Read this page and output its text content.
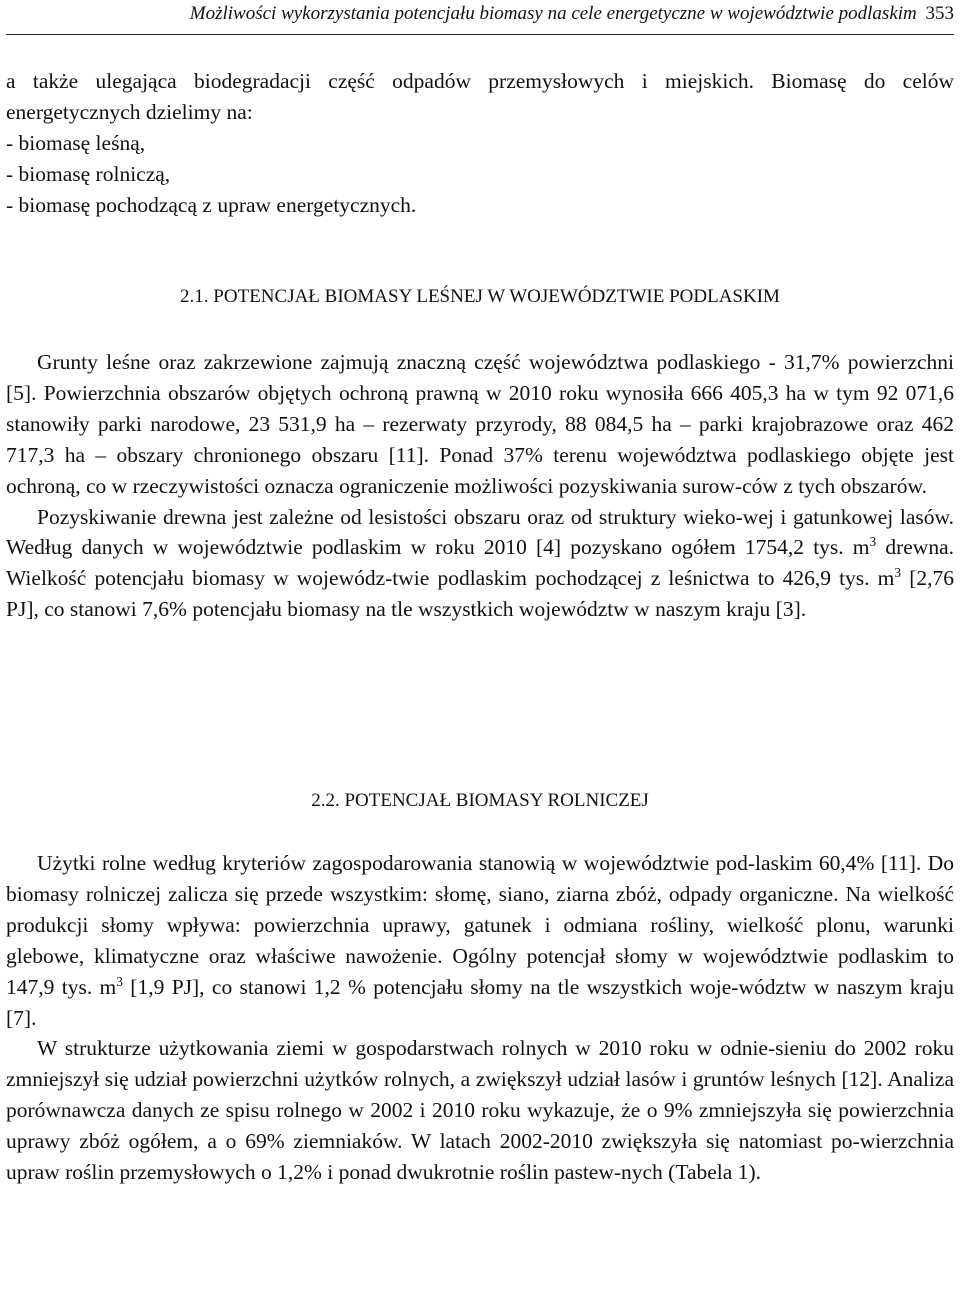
Możliwości wykorzystania potencjału biomasy na cele energetyczne w województwie podlaskim 353

a także ulegająca biodegradacji część odpadów przemysłowych i miejskich. Biomasę do celów energetycznych dzielimy na:

- biomasę leśną,

- biomasę rolniczą,

- biomasę pochodzącą z upraw energetycznych.

2.1. POTENCJAŁ BIOMASY LEŚNEJ W WOJEWÓDZTWIE PODLASKIM

Grunty leśne oraz zakrzewione zajmują znaczną część województwa podlaskiego - 31,7% powierzchni [5]. Powierzchnia obszarów objętych ochroną prawną w 2010 roku wynosiła 666 405,3 ha w tym 92 071,6 stanowiły parki narodowe, 23 531,9 ha – rezerwaty przyrody, 88 084,5 ha – parki krajobrazowe oraz 462 717,3 ha – obszary chronionego obszaru [11]. Ponad 37% terenu województwa podlaskiego objęte jest ochroną, co w rzeczywistości oznacza ograniczenie możliwości pozyskiwania surow-ców z tych obszarów.

Pozyskiwanie drewna jest zależne od lesistości obszaru oraz od struktury wieko-wej i gatunkowej lasów. Według danych w województwie podlaskim w roku 2010 [4] pozyskano ogółem 1754,2 tys. $m^3$ drewna. Wielkość potencjału biomasy w wojewódz-twie podlaskim pochodzącej z leśnictwa to 426,9 tys. $m^3$ [2,76 PJ], co stanowi 7,6% potencjału biomasy na tle wszystkich województw w naszym kraju [3].

2.2. POTENCJAŁ BIOMASY ROLNICZEJ

Użytki rolne według kryteriów zagospodarowania stanowią w województwie pod-laskim 60,4% [11]. Do biomasy rolniczej zalicza się przede wszystkim: słomę, siano, ziarna zbóż, odpady organiczne. Na wielkość produkcji słomy wpływa: powierzchnia uprawy, gatunek i odmiana rośliny, wielkość plonu, warunki glebowe, klimatyczne oraz właściwe nawożenie. Ogólny potencjał słomy w województwie podlaskim to 147,9 tys. $m^3$ [1,9 PJ], co stanowi 1,2 % potencjału słomy na tle wszystkich woje-wództw w naszym kraju [7].

W strukturze użytkowania ziemi w gospodarstwach rolnych w 2010 roku w odnie-sieniu do 2002 roku zmniejszył się udział powierzchni użytków rolnych, a zwiększył udział lasów i gruntów leśnych [12]. Analiza porównawcza danych ze spisu rolnego w 2002 i 2010 roku wykazuje, że o 9% zmniejszyła się powierzchnia uprawy zbóż ogółem, a o 69% ziemniaków. W latach 2002-2010 zwiększyła się natomiast po-wierzchnia upraw roślin przemysłowych o 1,2% i ponad dwukrotnie roślin pastew-nych (Tabela 1).
